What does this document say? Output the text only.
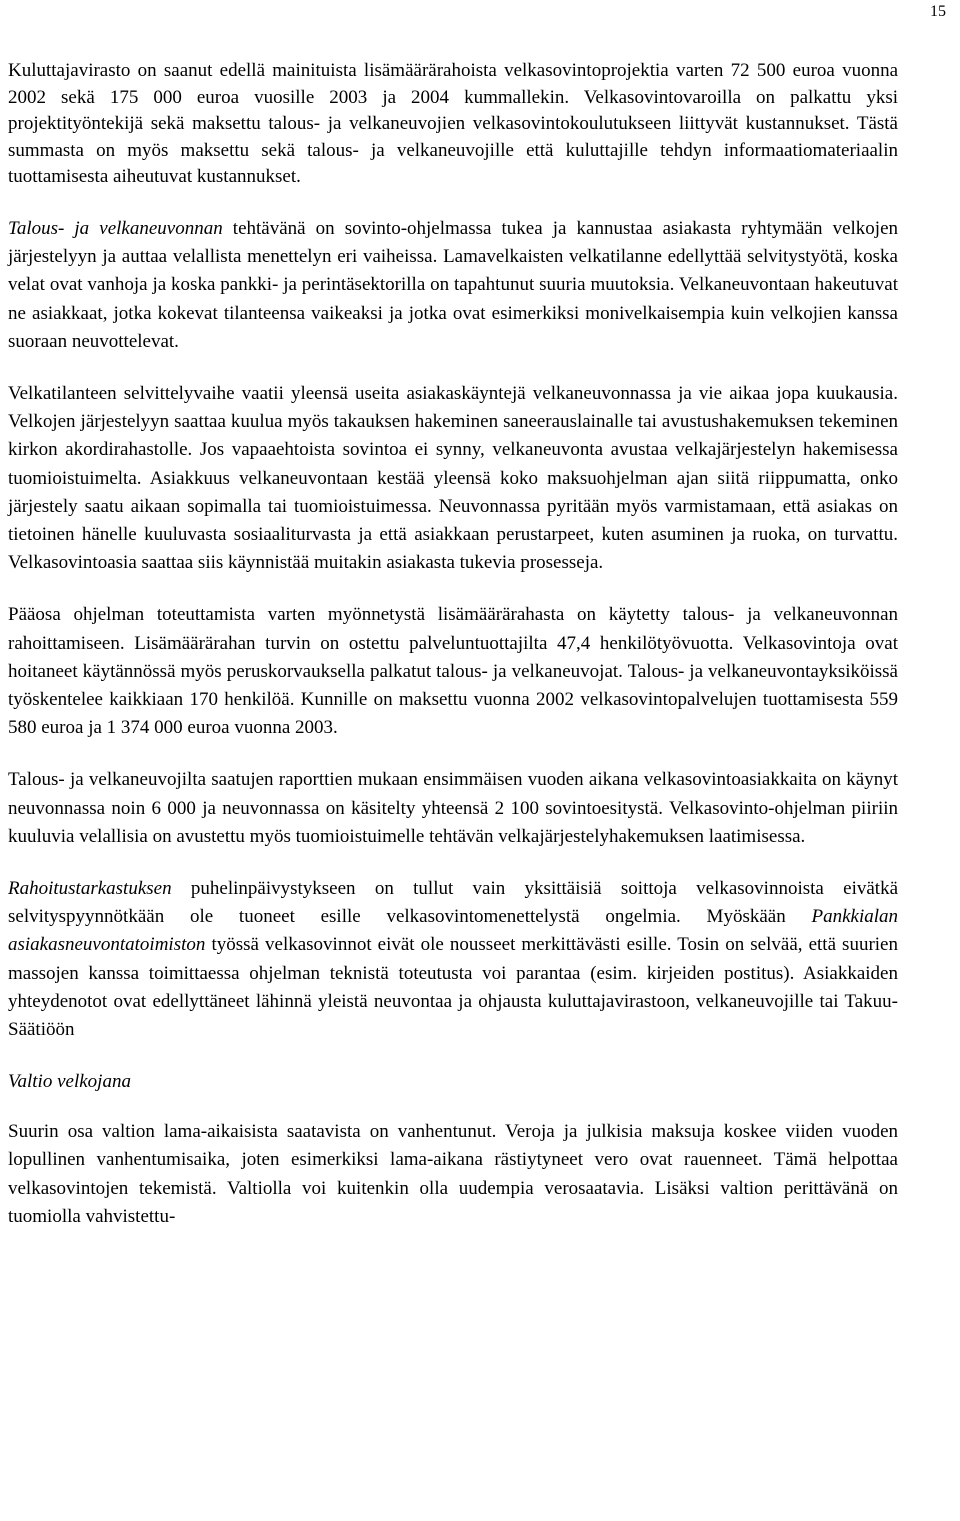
15

Kuluttajavirasto on saanut edellä mainituista lisämäärärahoista velkasovintoprojektia varten 72 500 euroa vuonna 2002 sekä 175 000 euroa vuosille 2003 ja 2004 kummallekin. Velkasovintovaroilla on palkattu yksi projektityöntekijä sekä maksettu talous- ja velkaneuvojien velkasovintokoulutukseen liittyvät kustannukset. Tästä summasta on myös maksettu sekä talous- ja velkaneuvojille että kuluttajille tehdyn informaatiomateriaalin tuottamisesta aiheutuvat kustannukset.

Talous- ja velkaneuvonnan tehtävänä on sovinto-ohjelmassa tukea ja kannustaa asiakasta ryhtymään velkojen järjestelyyn ja auttaa velallista menettelyn eri vaiheissa. Lamavelkaisten velkatilanne edellyttää selvitystyötä, koska velat ovat vanhoja ja koska pankki- ja perintäsektorilla on tapahtunut suuria muutoksia. Velkaneuvontaan hakeutuvat ne asiakkaat, jotka kokevat tilanteensa vaikeaksi ja jotka ovat esimerkiksi monivelkaisempia kuin velkojien kanssa suoraan neuvottelevat.

Velkatilanteen selvittelyvaihe vaatii yleensä useita asiakaskäyntejä velkaneuvonnassa ja vie aikaa jopa kuukausia. Velkojen järjestelyyn saattaa kuulua myös takauksen hakeminen saneerauslainalle tai avustushakemuksen tekeminen kirkon akordirahastolle. Jos vapaaehtoista sovintoa ei synny, velkaneuvonta avustaa velkajärjestelyn hakemisessa tuomioistuimelta. Asiakkuus velkaneuvontaan kestää yleensä koko maksuohjelman ajan siitä riippumatta, onko järjestely saatu aikaan sopimalla tai tuomioistuimessa. Neuvonnassa pyritään myös varmistamaan, että asiakas on tietoinen hänelle kuuluvasta sosiaaliturvasta ja että asiakkaan perustarpeet, kuten asuminen ja ruoka, on turvattu. Velkasovintoasia saattaa siis käynnistää muitakin asiakasta tukevia prosesseja.

Pääosa ohjelman toteuttamista varten myönnetystä lisämäärärahasta on käytetty talous- ja velkaneuvonnan rahoittamiseen. Lisämäärärahan turvin on ostettu palveluntuottajilta 47,4 henkilötyövuotta. Velkasovintoja ovat hoitaneet käytännössä myös peruskorvauksella palkatut talous- ja velkaneuvojat. Talous- ja velkaneuvontayksiköissä työskentelee kaikkiaan 170 henkilöä. Kunnille on maksettu vuonna 2002 velkasovintopalvelujen tuottamisesta 559 580 euroa ja 1 374 000 euroa vuonna 2003.

Talous- ja velkaneuvojilta saatujen raporttien mukaan ensimmäisen vuoden aikana velkasovintoasiakkaita on käynyt neuvonnassa noin 6 000 ja neuvonnassa on käsitelty yhteensä 2 100 sovintoesitystä. Velkasovinto-ohjelman piiriin kuuluvia velallisia on avustettu myös tuomioistuimelle tehtävän velkajärjestelyhakemuksen laatimisessa.

Rahoitustarkastuksen puhelinpäivystykseen on tullut vain yksittäisiä soittoja velkasovinnoista eivätkä selvityspyynnötkään ole tuoneet esille velkasovintomenettelystä ongelmia. Myöskään Pankkialan asiakasneuvontatoimiston työssä velkasovinnot eivät ole nousseet merkittävästi esille. Tosin on selvää, että suurien massojen kanssa toimittaessa ohjelman teknistä toteutusta voi parantaa (esim. kirjeiden postitus). Asiakkaiden yhteydenotot ovat edellyttäneet lähinnä yleistä neuvontaa ja ohjausta kuluttajavirastoon, velkaneuvojille tai Takuu-Säätiöön

Valtio velkojana

Suurin osa valtion lama-aikaisista saatavista on vanhentunut. Veroja ja julkisia maksuja koskee viiden vuoden lopullinen vanhentumisaika, joten esimerkiksi lama-aikana rästiytyneet vero ovat rauenneet. Tämä helpottaa velkasovintojen tekemistä. Valtiolla voi kuitenkin olla uudempia verosaatavia. Lisäksi valtion perittävänä on tuomiolla vahvistettu-
